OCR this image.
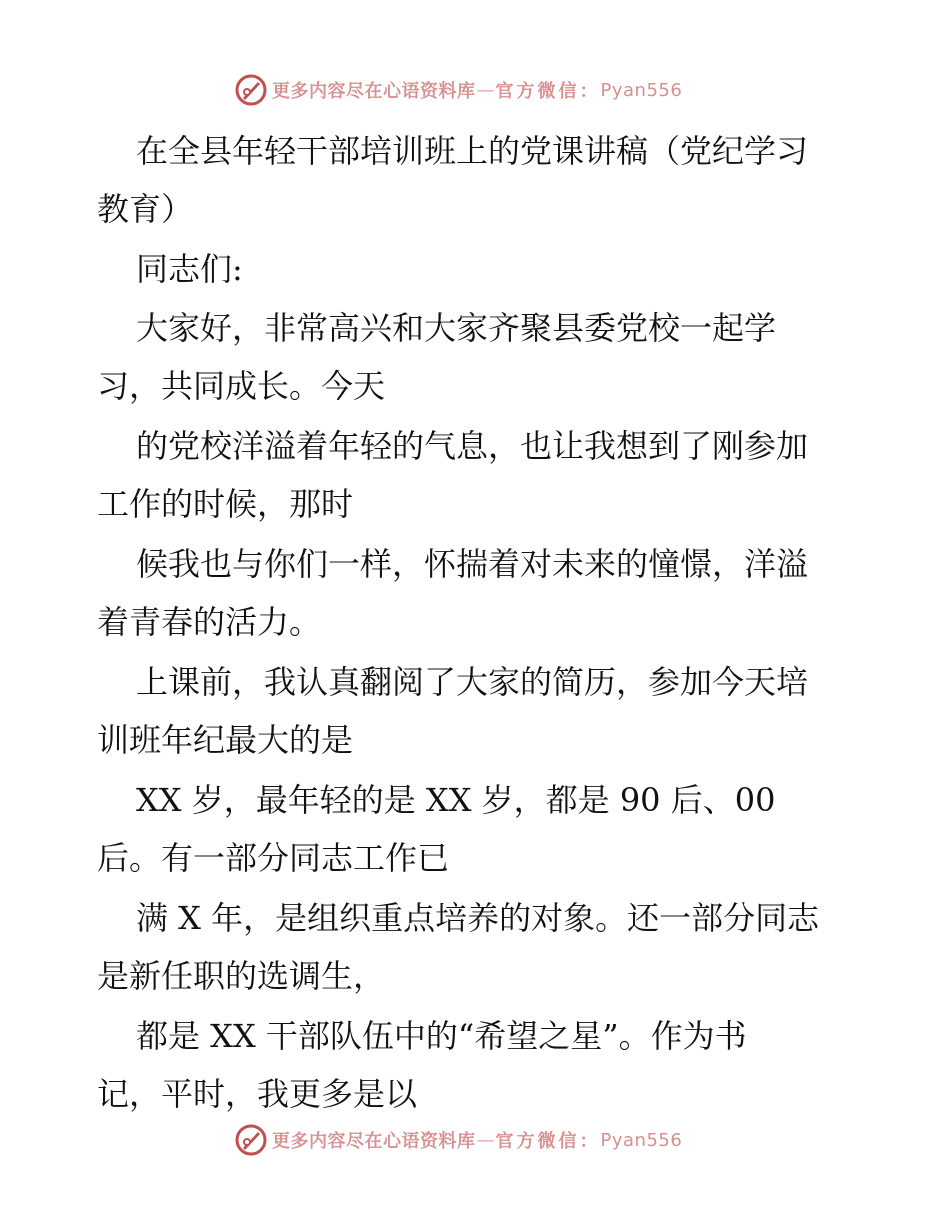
更多内容尽在心语资料库 — 官方微信： Pyan556
在全县年轻干部培训班上的党课讲稿（党纪学习
教育）
同志们:
大家好，非常高兴和大家齐聚县委党校一起学
习，共同成长。今天
的党校洋溢着年轻的气息，也让我想到了刚参加
工作的时候，那时
候我也与你们一样，怀揣着对未来的憧憬，洋溢
着青春的活力。
上课前，我认真翻阅了大家的简历，参加今天培
训班年纪最大的是
XX 岁，最年轻的是 XX 岁，都是 90 后、00
后。有一部分同志工作已
满 X 年，是组织重点培养的对象。还一部分同志
是新任职的选调生，
都是 XX 干部队伍中的“希望之星”。作为书
记，平时，我更多是以
更多内容尽在心语资料库 — 官方微信： Pyan556
